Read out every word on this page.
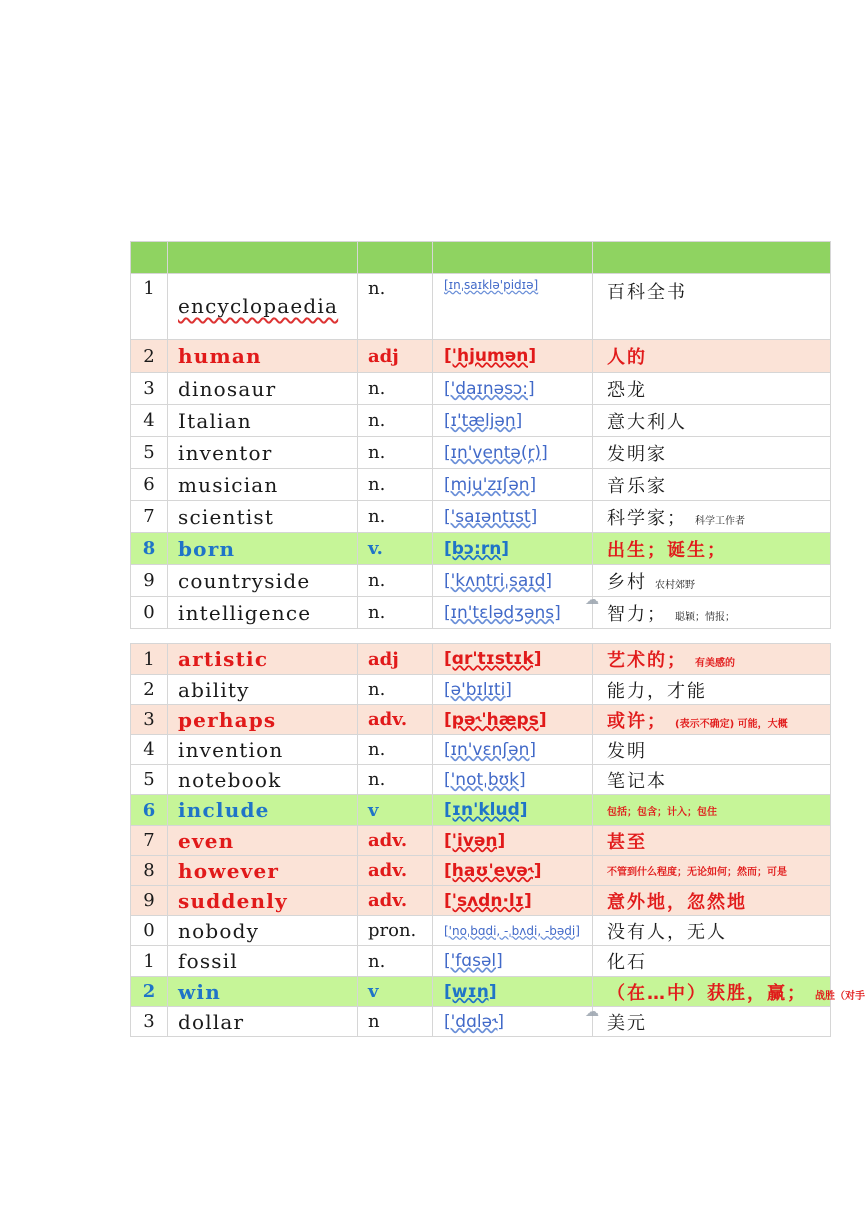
1	encyclopaedia	n.	[ɪnˌsaɪklə'pidɪə]	百科全书
2	human	adj	['hjumən]	人的
3	dinosaur	n.	['daɪnəsɔ:]	恐龙
4	Italian	n.	[ɪ'tæljən]	意大利人
5	inventor	n.	[ɪn'ventə(r)]	发明家
6	musician	n.	[mju'zɪʃən]	音乐家
7	scientist	n.	['saɪəntɪst]	科学家； 科学工作者
8	born	v.	[bɔ:rn]	出生；诞生；
9	countryside	n.	['kʌntriˌsaɪd]	乡村 农村郊野
0	intelligence	n.	[ɪn'tɛlədʒəns]	智力； 聪颖；情报；
1	artistic	adj	[ɑr'tɪstɪk]	艺术的； 有美感的
2	ability	n.	[ə'bɪlɪti]	能力，才能
3	perhaps	adv.	[pə˞'hæps]	或许； (表示不确定) 可能，大概
4	invention	n.	[ɪn'vɛnʃən]	发明
5	notebook	n.	['notˌbʊk]	笔记本
6	include	v	[ɪn'klud]	包括；包含；计入；包住
7	even	adv.	['ivən]	甚至
8	however	adv.	[haʊ'evə˞]	不管到什么程度；无论如何；然而；可是
9	suddenly	adv.	['sʌdn·lɪ]	意外地，忽然地
0	nobody	pron.	['noˌbɑdi, -ˌbʌdi, -bədi]	没有人，无人
1	fossil	n.	['fɑsəl]	化石
2	win	v	[wɪn]	（在…中）获胜，赢； 战胜（对手
3	dollar	n	['dɑlə˞]	美元
☁
☁
